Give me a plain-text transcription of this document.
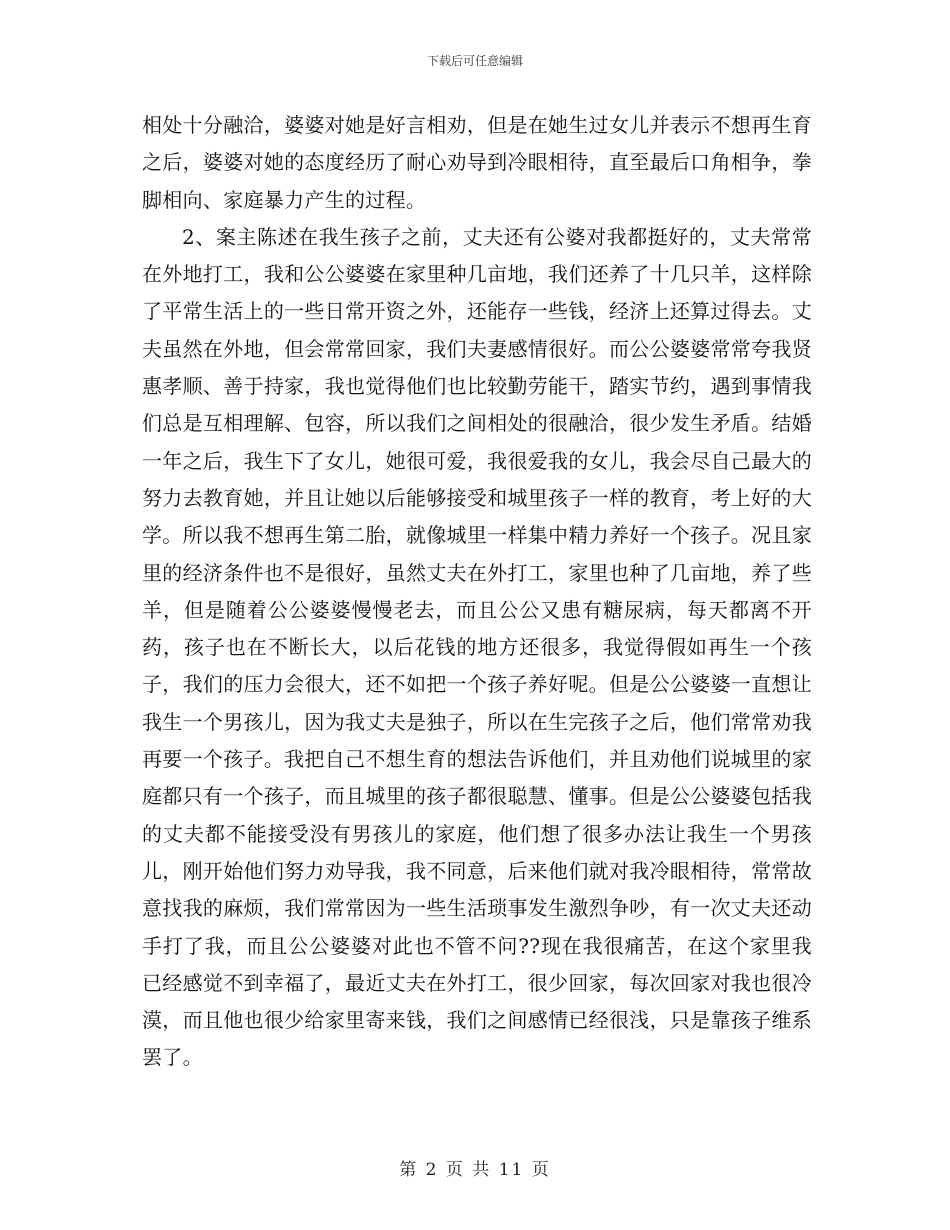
下载后可任意编辑

相处十分融洽，婆婆对她是好言相劝，但是在她生过女儿并表示不想再生育之后，婆婆对她的态度经历了耐心劝导到冷眼相待，直至最后口角相争，拳脚相向、家庭暴力产生的过程。

2、案主陈述在我生孩子之前，丈夫还有公婆对我都挺好的，丈夫常常在外地打工，我和公公婆婆在家里种几亩地，我们还养了十几只羊，这样除了平常生活上的一些日常开资之外，还能存一些钱，经济上还算过得去。丈夫虽然在外地，但会常常回家，我们夫妻感情很好。而公公婆婆常常夸我贤惠孝顺、善于持家，我也觉得他们也比较勤劳能干，踏实节约，遇到事情我们总是互相理解、包容，所以我们之间相处的很融洽，很少发生矛盾。结婚一年之后，我生下了女儿，她很可爱，我很爱我的女儿，我会尽自己最大的努力去教育她，并且让她以后能够接受和城里孩子一样的教育，考上好的大学。所以我不想再生第二胎，就像城里一样集中精力养好一个孩子。况且家里的经济条件也不是很好，虽然丈夫在外打工，家里也种了几亩地，养了些羊，但是随着公公婆婆慢慢老去，而且公公又患有糖尿病，每天都离不开药，孩子也在不断长大，以后花钱的地方还很多，我觉得假如再生一个孩子，我们的压力会很大，还不如把一个孩子养好呢。但是公公婆婆一直想让我生一个男孩儿，因为我丈夫是独子，所以在生完孩子之后，他们常常劝我再要一个孩子。我把自己不想生育的想法告诉他们，并且劝他们说城里的家庭都只有一个孩子，而且城里的孩子都很聪慧、懂事。但是公公婆婆包括我的丈夫都不能接受没有男孩儿的家庭，他们想了很多办法让我生一个男孩儿，刚开始他们努力劝导我，我不同意，后来他们就对我冷眼相待，常常故意找我的麻烦，我们常常因为一些生活琐事发生激烈争吵，有一次丈夫还动手打了我，而且公公婆婆对此也不管不问??现在我很痛苦，在这个家里我已经感觉不到幸福了，最近丈夫在外打工，很少回家，每次回家对我也很冷漠，而且他也很少给家里寄来钱，我们之间感情已经很浅，只是靠孩子维系罢了。

第 2 页 共 11 页
